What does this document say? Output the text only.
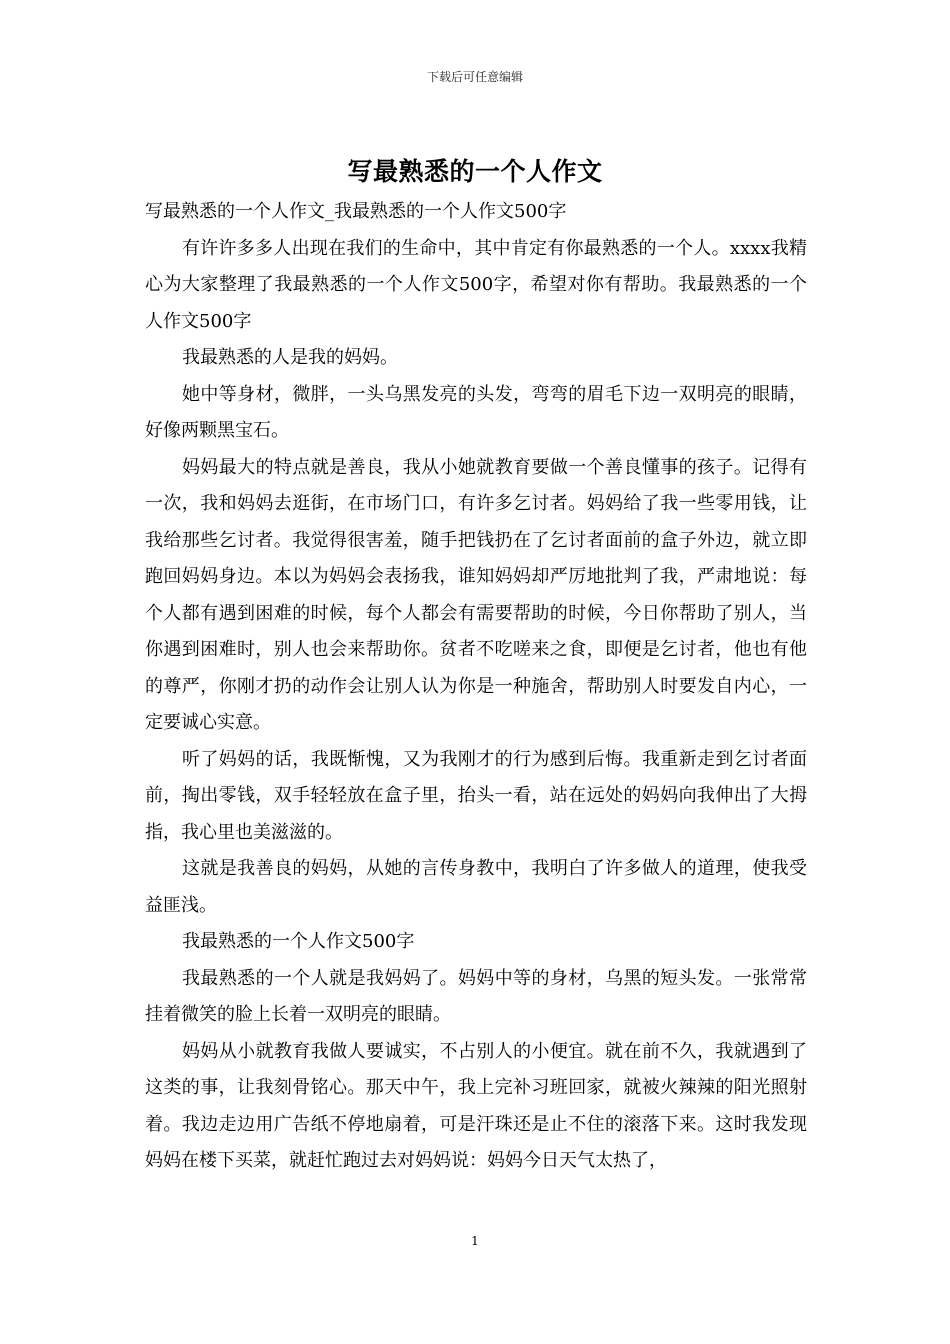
下载后可任意编辑
写最熟悉的一个人作文

写最熟悉的一个人作文_我最熟悉的一个人作文500字

有许许多多人出现在我们的生命中，其中肯定有你最熟悉的一个人。xxxx我精心为大家整理了我最熟悉的一个人作文500字，希望对你有帮助。我最熟悉的一个人作文500字

我最熟悉的人是我的妈妈。

她中等身材，微胖，一头乌黑发亮的头发，弯弯的眉毛下边一双明亮的眼睛，好像两颗黑宝石。

妈妈最大的特点就是善良，我从小她就教育要做一个善良懂事的孩子。记得有一次，我和妈妈去逛街，在市场门口，有许多乞讨者。妈妈给了我一些零用钱，让我给那些乞讨者。我觉得很害羞，随手把钱扔在了乞讨者面前的盒子外边，就立即跑回妈妈身边。本以为妈妈会表扬我，谁知妈妈却严厉地批判了我，严肃地说：每个人都有遇到困难的时候，每个人都会有需要帮助的时候，今日你帮助了别人，当你遇到困难时，别人也会来帮助你。贫者不吃嗟来之食，即便是乞讨者，他也有他的尊严，你刚才扔的动作会让别人认为你是一种施舍，帮助别人时要发自内心，一定要诚心实意。

听了妈妈的话，我既惭愧，又为我刚才的行为感到后悔。我重新走到乞讨者面前，掏出零钱，双手轻轻放在盒子里，抬头一看，站在远处的妈妈向我伸出了大拇指，我心里也美滋滋的。

这就是我善良的妈妈，从她的言传身教中，我明白了许多做人的道理，使我受益匪浅。

我最熟悉的一个人作文500字

我最熟悉的一个人就是我妈妈了。妈妈中等的身材，乌黑的短头发。一张常常挂着微笑的脸上长着一双明亮的眼睛。

妈妈从小就教育我做人要诚实，不占别人的小便宜。就在前不久，我就遇到了这类的事，让我刻骨铭心。那天中午，我上完补习班回家，就被火辣辣的阳光照射着。我边走边用广告纸不停地扇着，可是汗珠还是止不住的滚落下来。这时我发现妈妈在楼下买菜，就赶忙跑过去对妈妈说：妈妈今日天气太热了，

1
